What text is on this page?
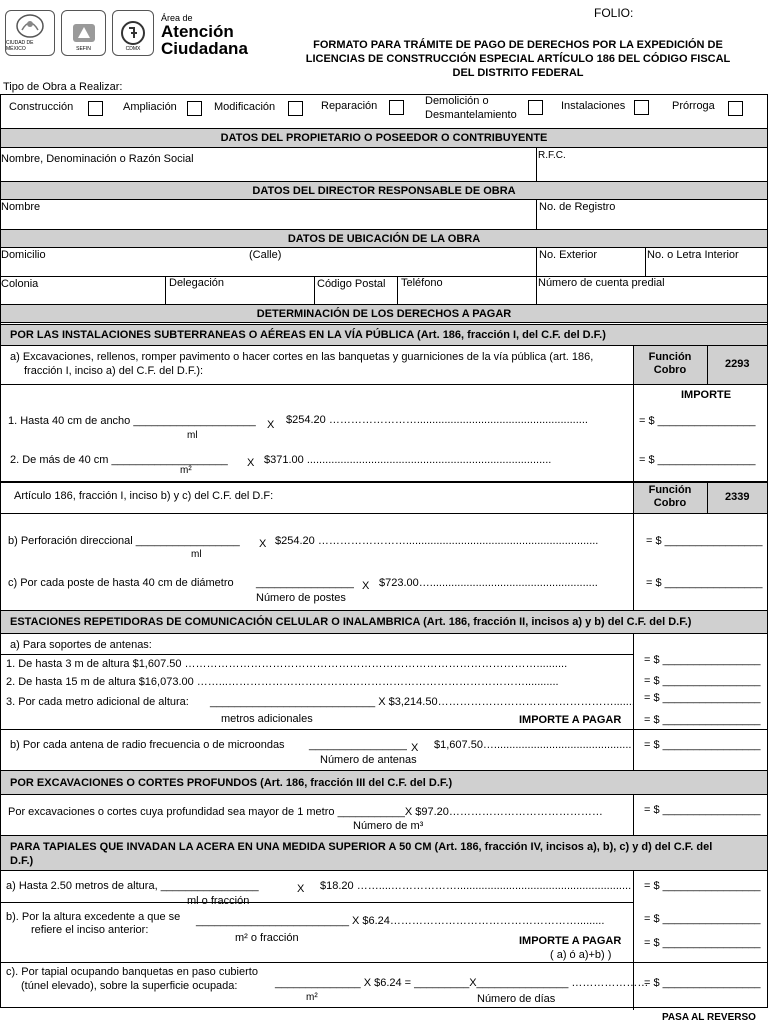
CIUDAD DE MÉXICO	SEFIN	CDMX
Área de
Atención
Ciudadana
FOLIO:
FORMATO PARA TRÁMITE DE PAGO DE DERECHOS POR LA EXPEDICIÓN DE
LICENCIAS DE CONSTRUCCIÓN ESPECIAL ARTÍCULO 186 DEL CÓDIGO FISCAL
DEL DISTRITO FEDERAL
Tipo de Obra a Realizar:
Construcción	Ampliación	Modificación	Reparación	Demolición o
Desmantelamiento
Instalaciones	Prórroga
DATOS DEL PROPIETARIO O POSEEDOR O CONTRIBUYENTE
Nombre, Denominación o Razón Social	R.F.C.
DATOS DEL DIRECTOR RESPONSABLE DE OBRA
Nombre	No. de Registro
DATOS DE UBICACIÓN DE LA OBRA
Domicilio	(Calle)	No. Exterior	No. o Letra Interior
Colonia	Delegación	Código Postal Teléfono	Número de cuenta predial
DETERMINACIÓN DE LOS DERECHOS A PAGAR
POR LAS INSTALACIONES SUBTERRANEAS O AÉREAS EN LA VÍA PÚBLICA (Art. 186, fracción I, del C.F. del D.F.)
a) Excavaciones, rellenos, romper pavimento o hacer cortes en las banquetas y guarniciones de la vía pública (art. 186,
fracción I, inciso a) del C.F. del D.F.):
Función
Cobro	2293
IMPORTE
1. Hasta 40 cm de ancho ____________________ X $254.20 ……………………........................................................
ml
= $ ________________
2. De más de 40 cm ___________________ X $371.00 ................................................................................
m²
= $ ________________
Artículo 186, fracción I, inciso b) y c) del C.F. del D.F:	Función
Cobro	2339
b) Perforación direccional _________________ X $254.20 ……………………...............................................................
ml
= $ ________________
c) Por cada poste de hasta 40 cm de diámetro ________________ X $723.00….......................................................
Número de postes
= $ ________________
ESTACIONES REPETIDORAS DE COMUNICACIÓN CELULAR O INALAMBRICA (Art. 186, fracción II, incisos a) y b) del C.F. del D.F.)
a) Para soportes de antenas:
1. De hasta 3 m de altura $1,607.50 ……………………………………………………………………………………..........	= $ ________________
2. De hasta 15 m de altura $16,073.00 ……...………………………………………………………………………...........	= $ ________________
3. Por cada metro adicional de altura: ___________________________ X $3,214.50…………………………………………....... = $ ________________
metros adicionales	IMPORTE A PAGAR = $ ________________
b) Por cada antena de radio frecuencia o de microondas ________________ X $1,607.50….............................................
Número de antenas
= $ ________________
POR EXCAVACIONES O CORTES PROFUNDOS (Art. 186, fracción III del C.F. del D.F.)
Por excavaciones o cortes cuya profundidad sea mayor de 1 metro ___________X $97.20……………………………………
Número de m³
= $ ________________
PARA TAPIALES QUE INVADAN LA ACERA EN UNA MEDIDA SUPERIOR A 50 CM (Art. 186, fracción IV, incisos a), b), c) y d) del C.F. del
D.F.)
a) Hasta 2.50 metros de altura, ________________	X $18.20 ……....……………….........................................................
ml o fracción
= $ ________________
b). Por la altura excedente a que se
refiere el inciso anterior:
_________________________ X $6.24…………………………………………….........
m² o fracción
= $ ________________
IMPORTE A PAGAR
( a) ó a)+b) )
= $ ________________
c). Por tapial ocupando banquetas en paso cubierto
(túnel elevado), sobre la superficie ocupada:	______________ X $6.24 = _________X_______________ …………………
m²	Número de días
= $ ________________
PASA AL REVERSO
